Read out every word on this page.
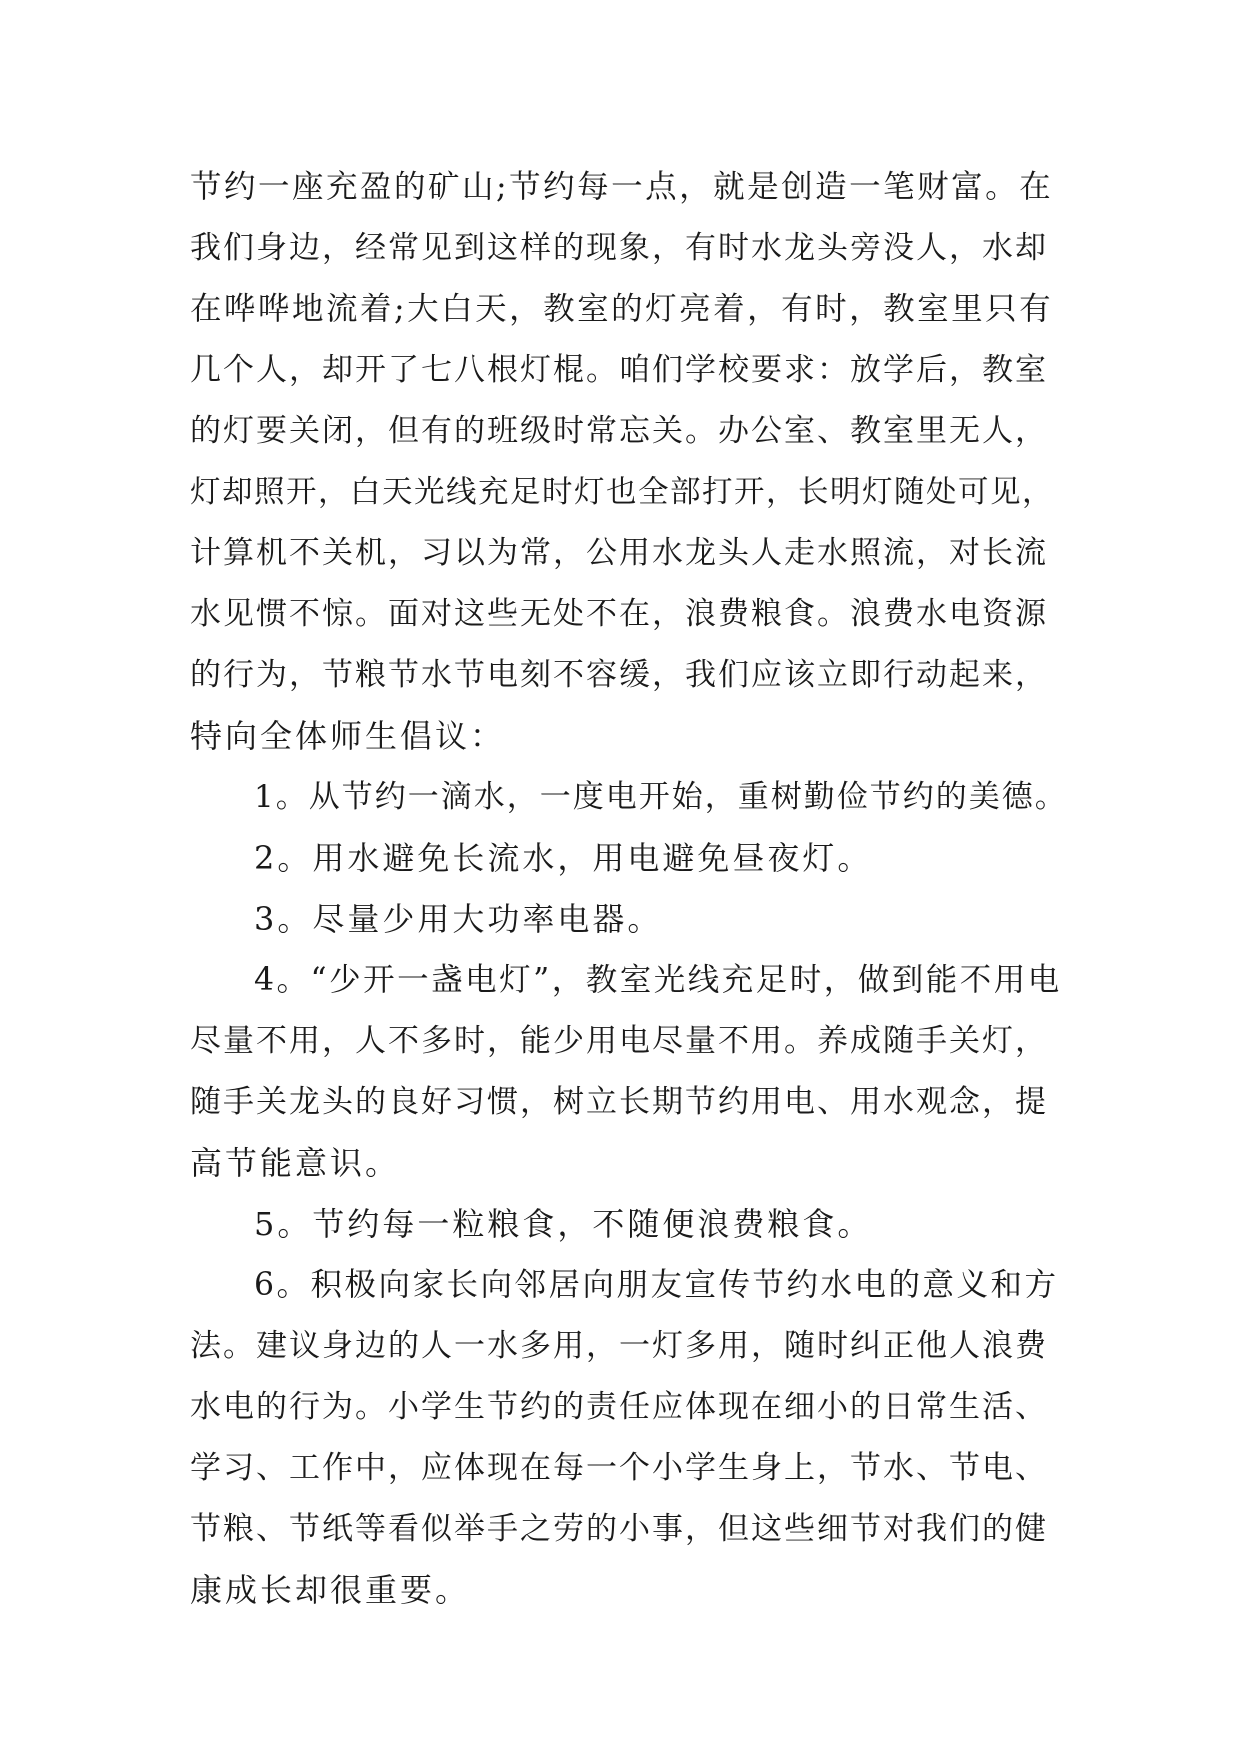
节约一座充盈的矿山;节约每一点，就是创造一笔财富。在
我们身边，经常见到这样的现象，有时水龙头旁没人，水却
在哗哗地流着;大白天，教室的灯亮着，有时，教室里只有
几个人，却开了七八根灯棍。咱们学校要求：放学后，教室
的灯要关闭，但有的班级时常忘关。办公室、教室里无人，
灯却照开，白天光线充足时灯也全部打开，长明灯随处可见，
计算机不关机，习以为常，公用水龙头人走水照流，对长流
水见惯不惊。面对这些无处不在，浪费粮食。浪费水电资源
的行为，节粮节水节电刻不容缓，我们应该立即行动起来，
特向全体师生倡议：
1。从节约一滴水，一度电开始，重树勤俭节约的美德。
2。用水避免长流水，用电避免昼夜灯。
3。尽量少用大功率电器。
4。“少开一盏电灯”，教室光线充足时，做到能不用电
尽量不用，人不多时，能少用电尽量不用。养成随手关灯，
随手关龙头的良好习惯，树立长期节约用电、用水观念，提
高节能意识。
5。节约每一粒粮食，不随便浪费粮食。
6。积极向家长向邻居向朋友宣传节约水电的意义和方
法。建议身边的人一水多用，一灯多用，随时纠正他人浪费
水电的行为。小学生节约的责任应体现在细小的日常生活、
学习、工作中，应体现在每一个小学生身上，节水、节电、
节粮、节纸等看似举手之劳的小事，但这些细节对我们的健
康成长却很重要。
